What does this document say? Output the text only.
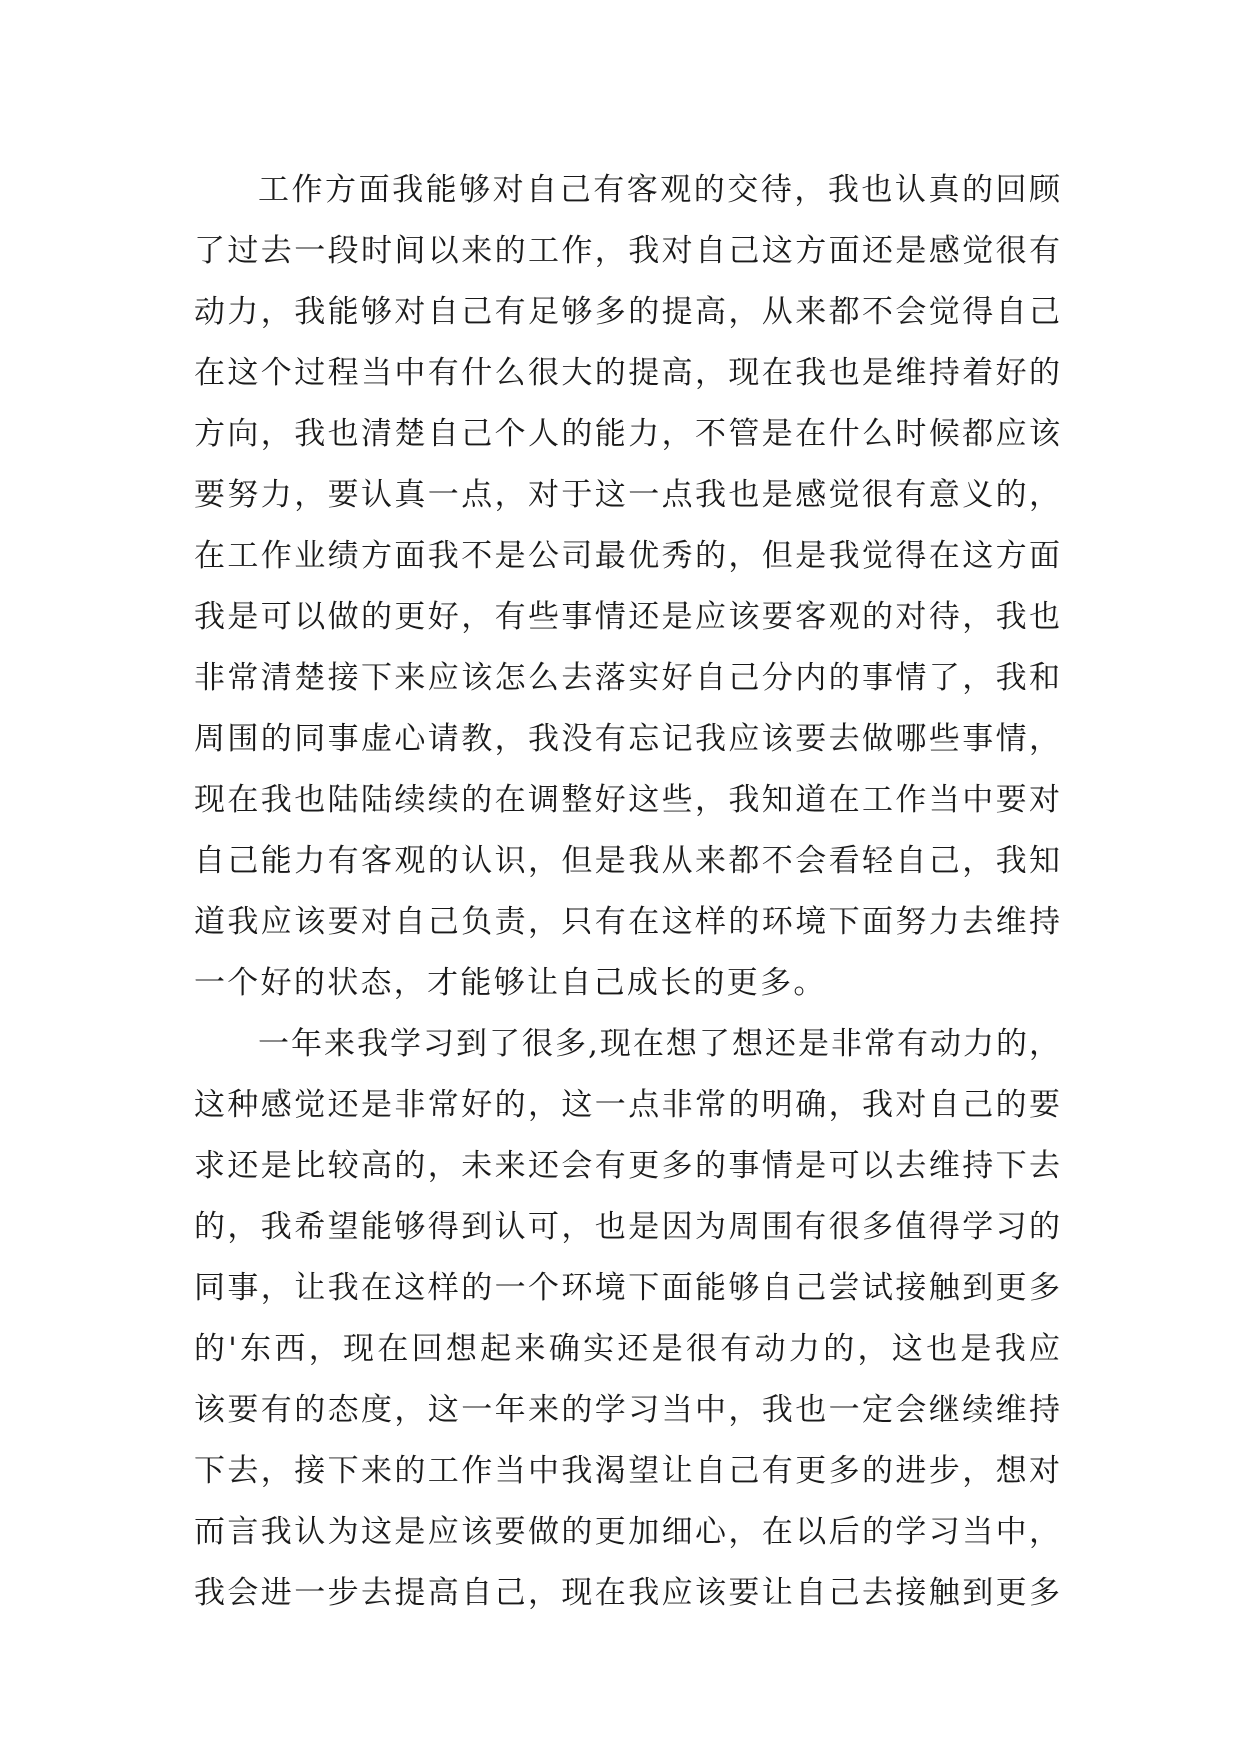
工作方面我能够对自己有客观的交待，我也认真的回顾
了过去一段时间以来的工作，我对自己这方面还是感觉很有
动力，我能够对自己有足够多的提高，从来都不会觉得自己
在这个过程当中有什么很大的提高，现在我也是维持着好的
方向，我也清楚自己个人的能力，不管是在什么时候都应该
要努力，要认真一点，对于这一点我也是感觉很有意义的，
在工作业绩方面我不是公司最优秀的，但是我觉得在这方面
我是可以做的更好，有些事情还是应该要客观的对待，我也
非常清楚接下来应该怎么去落实好自己分内的事情了，我和
周围的同事虚心请教，我没有忘记我应该要去做哪些事情，
现在我也陆陆续续的在调整好这些，我知道在工作当中要对
自己能力有客观的认识，但是我从来都不会看轻自己，我知
道我应该要对自己负责，只有在这样的环境下面努力去维持
一个好的状态，才能够让自己成长的更多。
一年来我学习到了很多,现在想了想还是非常有动力的，
这种感觉还是非常好的，这一点非常的明确，我对自己的要
求还是比较高的，未来还会有更多的事情是可以去维持下去
的，我希望能够得到认可，也是因为周围有很多值得学习的
同事，让我在这样的一个环境下面能够自己尝试接触到更多
的'东西，现在回想起来确实还是很有动力的，这也是我应
该要有的态度，这一年来的学习当中，我也一定会继续维持
下去，接下来的工作当中我渴望让自己有更多的进步，想对
而言我认为这是应该要做的更加细心，在以后的学习当中，
我会进一步去提高自己，现在我应该要让自己去接触到更多
